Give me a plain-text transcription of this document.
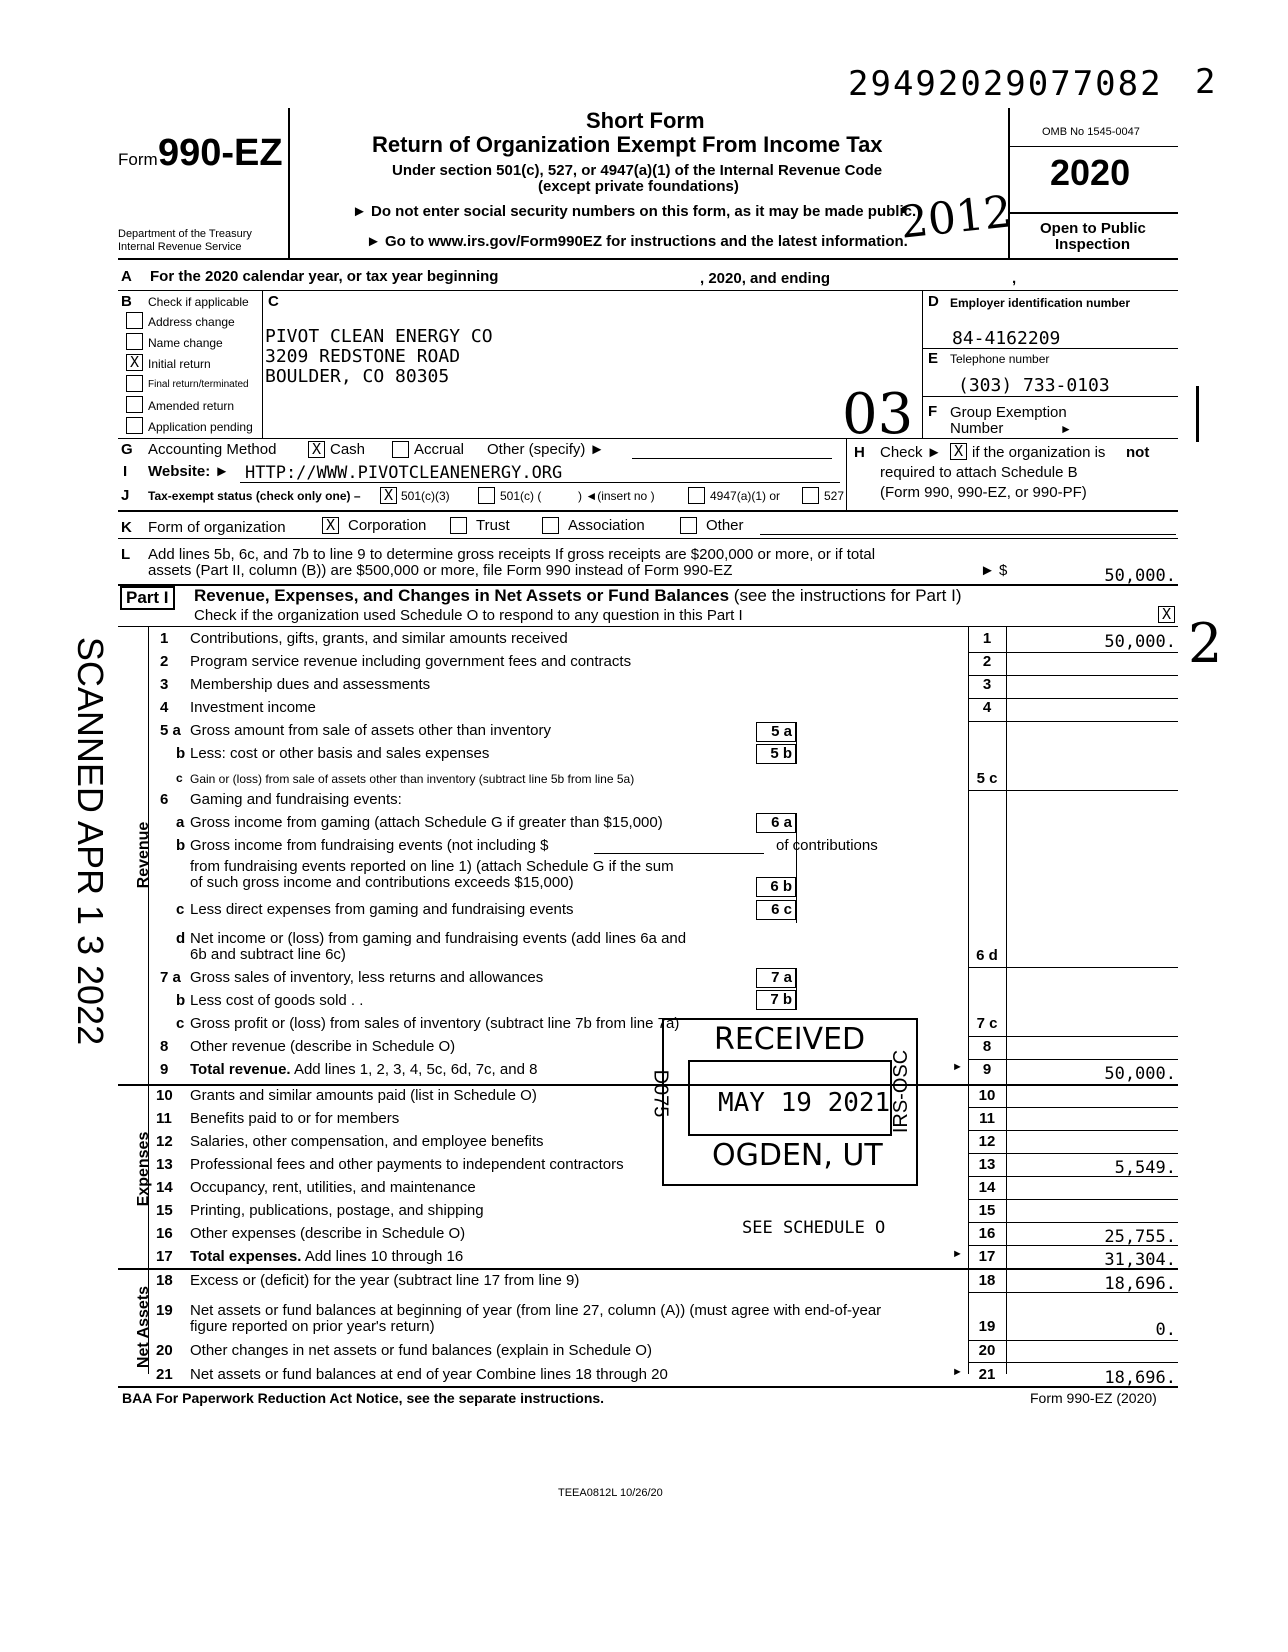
29492029077082 2
SCANNED APR 1 3 2022
Form 990-EZ
Department of the Treasury
Internal Revenue Service
Short Form
Return of Organization Exempt From Income Tax
Under section 501(c), 527, or 4947(a)(1) of the Internal Revenue Code
(except private foundations)
► Do not enter social security numbers on this form, as it may be made public.
► Go to www.irs.gov/Form990EZ for instructions and the latest information.
OMB No 1545-0047
2020
Open to Public
Inspection
A For the 2020 calendar year, or tax year beginning	, 2020, and ending	,
B Check if applicable
Address change
Name change
X Initial return
Final return/terminated
Amended return
Application pending
C
PIVOT CLEAN ENERGY CO
3209 REDSTONE ROAD
BOULDER, CO 80305
D Employer identification number
84-4162209
E Telephone number
(303) 733-0103
F Group Exemption
Number	►
G Accounting Method X Cash	Accrual Other (specify) ►	H Check ► X if the organization is not
required to attach Schedule B
(Form 990, 990-EZ, or 990-PF)
I Website: ► HTTP://WWW.PIVOTCLEANENERGY.ORG
J Tax-exempt status (check only one) – X 501(c)(3)	501(c) (	) ◄(insert no )	4947(a)(1) or	527
K Form of organization	X Corporation	Trust	Association	Other
L Add lines 5b, 6c, and 7b to line 9 to determine gross receipts If gross receipts are $200,000 or more, or if total
assets (Part II, column (B)) are $500,000 or more, file Form 990 instead of Form 990-EZ	► $	50,000.
Part I	Revenue, Expenses, and Changes in Net Assets or Fund Balances (see the instructions for Part I)
Check if the organization used Schedule O to respond to any question in this Part I	X
Revenue
Expenses
Net Assets
1 Contributions, gifts, grants, and similar amounts received	1	50,000.
2 Program service revenue including government fees and contracts	2
3 Membership dues and assessments	3
4 Investment income	4
5 a Gross amount from sale of assets other than inventory	5 a
b Less: cost or other basis and sales expenses	5 b
c Gain or (loss) from sale of assets other than inventory (subtract line 5b from line 5a)	5 c
6 Gaming and fundraising events:
a Gross income from gaming (attach Schedule G if greater than $15,000)	6 a
b Gross income from fundraising events (not including $	of contributions
from fundraising events reported on line 1) (attach Schedule G if the sum
of such gross income and contributions exceeds $15,000)	6 b
c Less direct expenses from gaming and fundraising events	6 c
d Net income or (loss) from gaming and fundraising events (add lines 6a and
6b and subtract line 6c)	6 d
7 a Gross sales of inventory, less returns and allowances	7 a
b Less cost of goods sold . .	7 b
c Gross profit or (loss) from sales of inventory (subtract line 7b from line 7a)	7 c
8 Other revenue (describe in Schedule O)	8
9 Total revenue. Add lines 1, 2, 3, 4, 5c, 6d, 7c, and 8	►	9	50,000.
10 Grants and similar amounts paid (list in Schedule O)	10
11 Benefits paid to or for members	11
12 Salaries, other compensation, and employee benefits	12
13 Professional fees and other payments to independent contractors	13	5,549.
14 Occupancy, rent, utilities, and maintenance	14
15 Printing, publications, postage, and shipping	15
16 Other expenses (describe in Schedule O)	SEE SCHEDULE O	16	25,755.
17 Total expenses. Add lines 10 through 16	►	17	31,304.
18 Excess or (deficit) for the year (subtract line 17 from line 9)	18	18,696.
19 Net assets or fund balances at beginning of year (from line 27, column (A)) (must agree with end-of-year
figure reported on prior year's return)	19	0.
20 Other changes in net assets or fund balances (explain in Schedule O)	20
21 Net assets or fund balances at end of year Combine lines 18 through 20	►	21	18,696.
BAA For Paperwork Reduction Act Notice, see the separate instructions.	Form 990-EZ (2020)
TEEA0812L 10/26/20
RECEIVED
MAY 19 2021
OGDEN, UT
D075	IRS-OSC
2012
03
2
